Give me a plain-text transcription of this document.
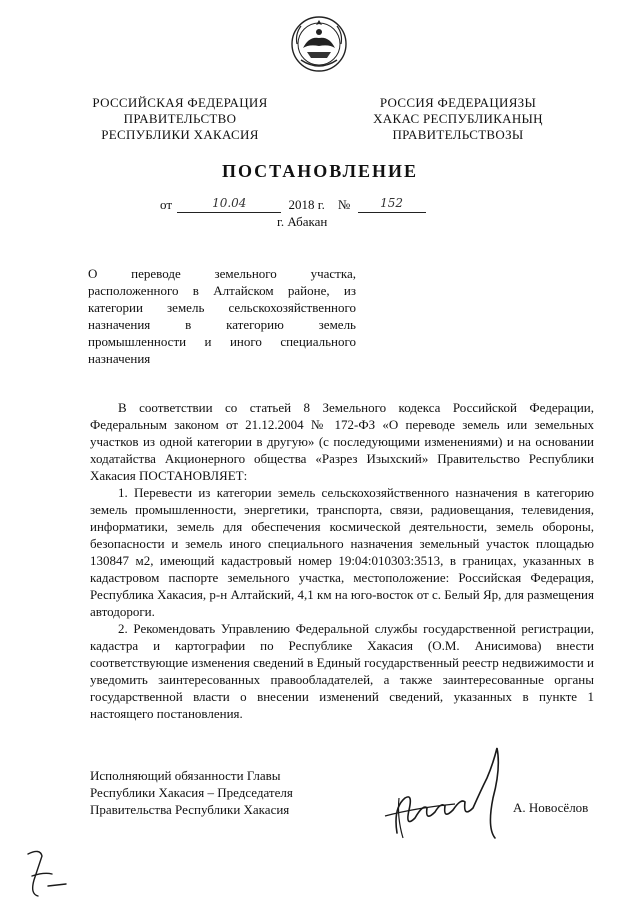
РОССИЙСКАЯ ФЕДЕРАЦИЯ
ПРАВИТЕЛЬСТВО
РЕСПУБЛИКИ ХАКАСИЯ
РОССИЯ ФЕДЕРАЦИЯЗЫ
ХАКАС РЕСПУБЛИКАНЫҢ
ПРАВИТЕЛЬСТВОЗЫ
ПОСТАНОВЛЕНИЕ
от	10.04	2018 г. № 152
г. Абакан
О переводе земельного участка, расположенного в Алтайском районе, из категории земель сельскохозяйственного назначения в категорию земель промышленности и иного специального назначения

В соответствии со статьей 8 Земельного кодекса Российской Федерации, Федеральным законом от 21.12.2004 № 172-ФЗ «О переводе земель или земельных участков из одной категории в другую» (с последующими изменениями) и на основании ходатайства Акционерного общества «Разрез Изыхский» Правительство Республики Хакасия ПОСТАНОВЛЯЕТ:

1. Перевести из категории земель сельскохозяйственного назначения в категорию земель промышленности, энергетики, транспорта, связи, радиовещания, телевидения, информатики, земель для обеспечения космической деятельности, земель обороны, безопасности и земель иного специального назначения земельный участок площадью 130847 м2, имеющий кадастровый номер 19:04:010303:3513, в границах, указанных в кадастровом паспорте земельного участка, местоположение: Российская Федерация, Республика Хакасия, р-н Алтайский, 4,1 км на юго-восток от с. Белый Яр, для размещения автодороги.

2. Рекомендовать Управлению Федеральной службы государственной регистрации, кадастра и картографии по Республике Хакасия (О.М. Анисимова) внести соответствующие изменения сведений в Единый государственный реестр недвижимости и уведомить заинтересованных правообладателей, а также заинтересованные органы государственной власти о внесении изменений сведений, указанных в пункте 1 настоящего постановления.

Исполняющий обязанности Главы
Республики Хакасия – Председателя
Правительства Республики Хакасия	А. Новосёлов
